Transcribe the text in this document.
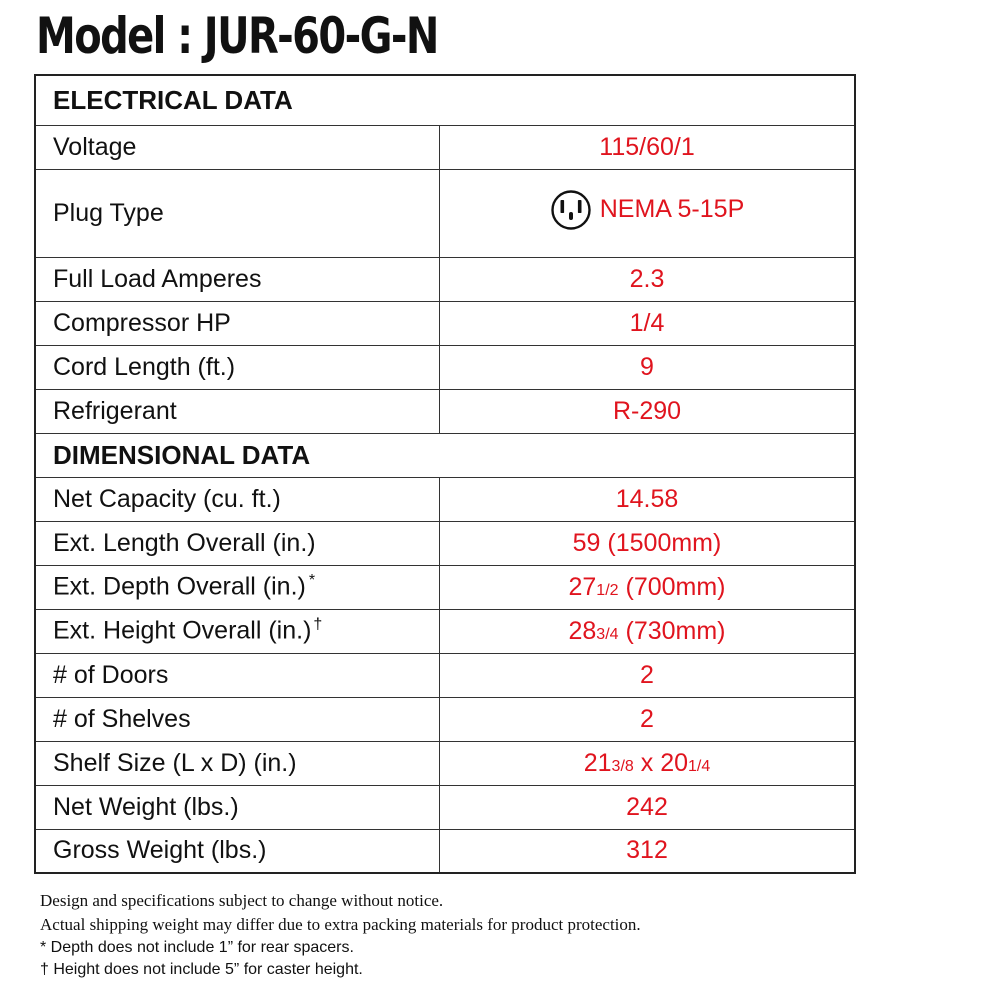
Model : JUR-60-G-N
ELECTRICAL DATA	
Voltage	115/60/1
Plug Type	NEMA 5-15P

Full Load Amperes	2.3
Compressor HP	1/4
Cord Length (ft.)	9
Refrigerant	R-290
DIMENSIONAL DATA	
Net Capacity (cu. ft.)	14.58
Ext. Length Overall (in.)	59 (1500mm)
Ext. Depth Overall (in.) *	271/2 (700mm)
Ext. Height Overall (in.) †	283/4 (730mm)
# of Doors	2
# of Shelves	2
Shelf Size (L x D) (in.)	213/8 x 201/4
Net Weight (lbs.)	242
Gross Weight (lbs.)	312
Design and specifications subject to change without notice.
Actual shipping weight may differ due to extra packing materials for product protection.
* Depth does not include 1” for rear spacers.
† Height does not include 5” for caster height.
